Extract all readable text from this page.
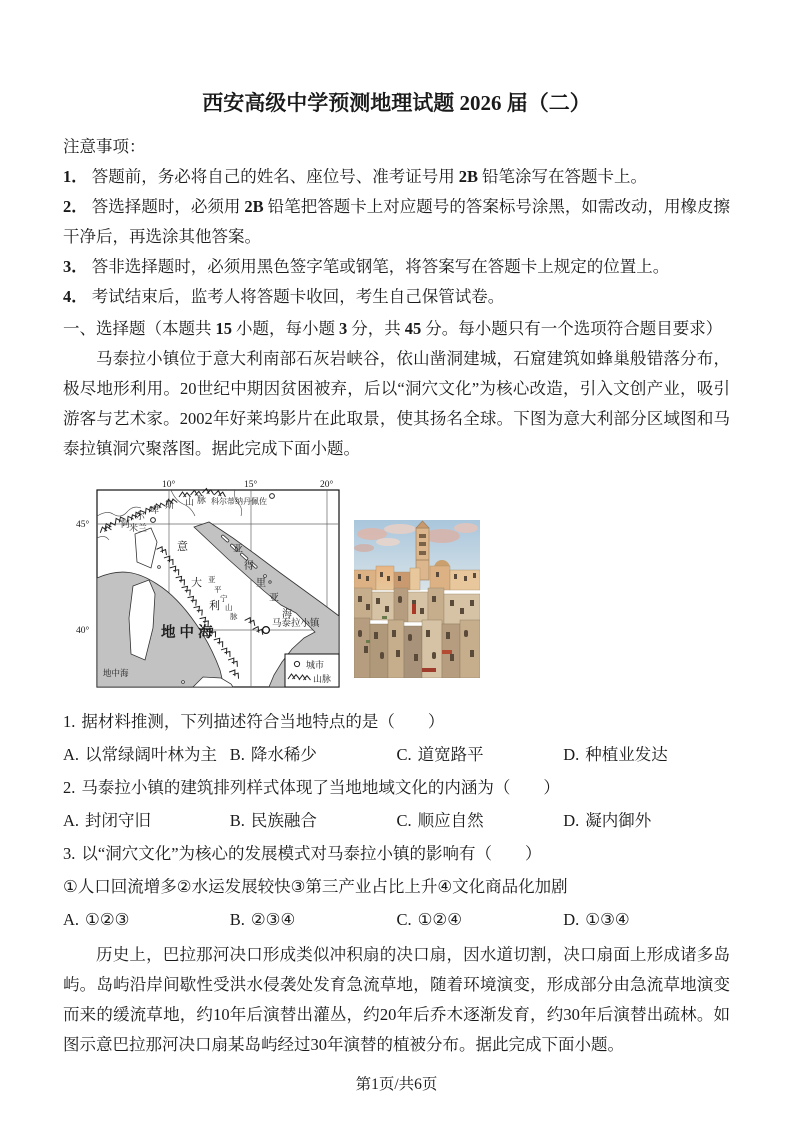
西安高级中学预测地理试题 2026 届（二）
注意事项：
1． 答题前，务必将自己的姓名、座位号、准考证号用 2B 铅笔涂写在答题卡上。
2． 答选择题时，必须用 2B 铅笔把答题卡上对应题号的答案标号涂黑，如需改动，用橡皮擦干净后，再选涂其他答案。
3． 答非选择题时，必须用黑色签字笔或钢笔，将答案写在答题卡上规定的位置上。
4． 考试结束后，监考人将答题卡收回，考生自己保管试卷。
一、选择题（本题共 15 小题，每小题 3 分，共 45 分。每小题只有一个选项符合题目要求）

马泰拉小镇位于意大利南部石灰岩峡谷，依山凿洞建城，石窟建筑如蜂巢般错落分布，极尽地形利用。20世纪中期因贫困被弃，后以“洞穴文化”为核心改造，引入文创产业，吸引游客与艺术家。2002年好莱坞影片在此取景，使其扬名全球。下图为意大利部分区域图和马泰拉镇洞穴聚落图。据此完成下面小题。

10°	15°	20°
45°
40°
阿
尔
卑 斯 山 脉 科尔蒂纳丹佩佐
米兰
意
大
利
亚
平
宁
山
脉
亚
得
里
亚
海
地中海
地中海
马泰拉小镇
城市
山脉
1. 据材料推测，下列描述符合当地特点的是（　　）
A. 以常绿阔叶林为主 B. 降水稀少	C. 道宽路平	D. 种植业发达
2. 马泰拉小镇的建筑排列样式体现了当地地域文化的内涵为（　　）
A. 封闭守旧	B. 民族融合	C. 顺应自然	D. 凝内御外
3. 以“洞穴文化”为核心的发展模式对马泰拉小镇的影响有（　　）
①人口回流增多②水运发展较快③第三产业占比上升④文化商品化加剧
A. ①②③	B. ②③④	C. ①②④	D. ①③④

历史上，巴拉那河决口形成类似冲积扇的决口扇，因水道切割，决口扇面上形成诸多岛屿。岛屿沿岸间歇性受洪水侵袭处发育急流草地，随着环境演变，形成部分由急流草地演变而来的缓流草地，约10年后演替出灌丛，约20年后乔木逐渐发育，约30年后演替出疏林。如图示意巴拉那河决口扇某岛屿经过30年演替的植被分布。据此完成下面小题。

第1页/共6页
